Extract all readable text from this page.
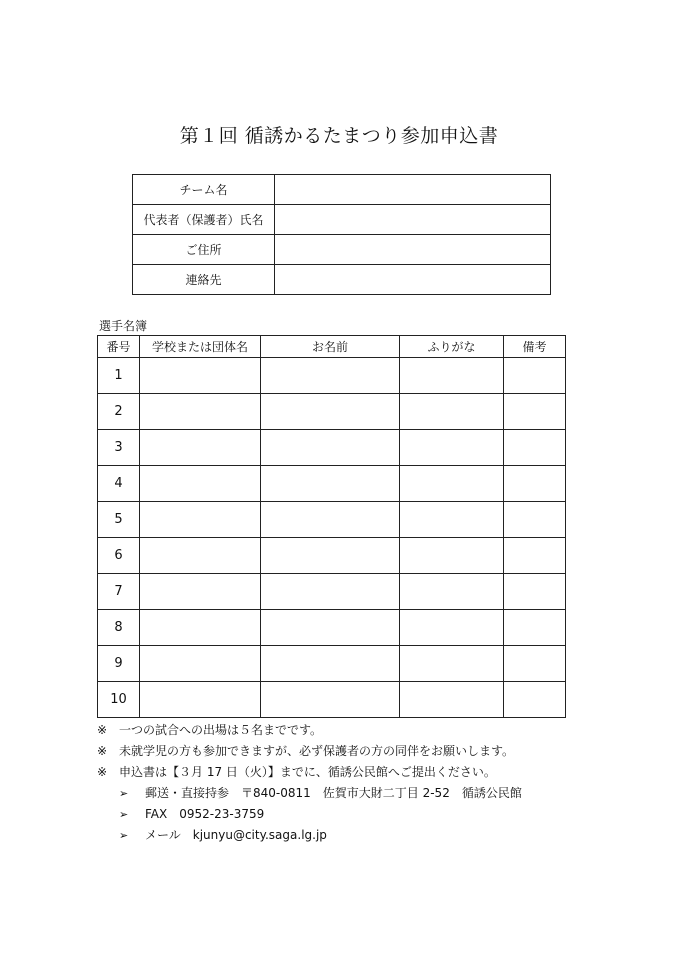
第１回 循誘かるたまつり参加申込書
チーム名	
代表者（保護者）氏名	
ご住所	
連絡先	
選手名簿
番号	学校または団体名	お名前	ふりがな	備考
1				
2				
3				
4				
5				
6				
7				
8				
9				
10				
※ 一つの試合への出場は５名までです。
※ 未就学児の方も参加できますが、必ず保護者の方の同伴をお願いします。
※ 申込書は【３月 17 日（火）】までに、循誘公民館へご提出ください。
➢ 郵送・直接持参　〒840-0811　佐賀市大財二丁目 2-52　循誘公民館
➢ FAX　0952-23-3759
➢ メール　kjunyu@city.saga.lg.jp
